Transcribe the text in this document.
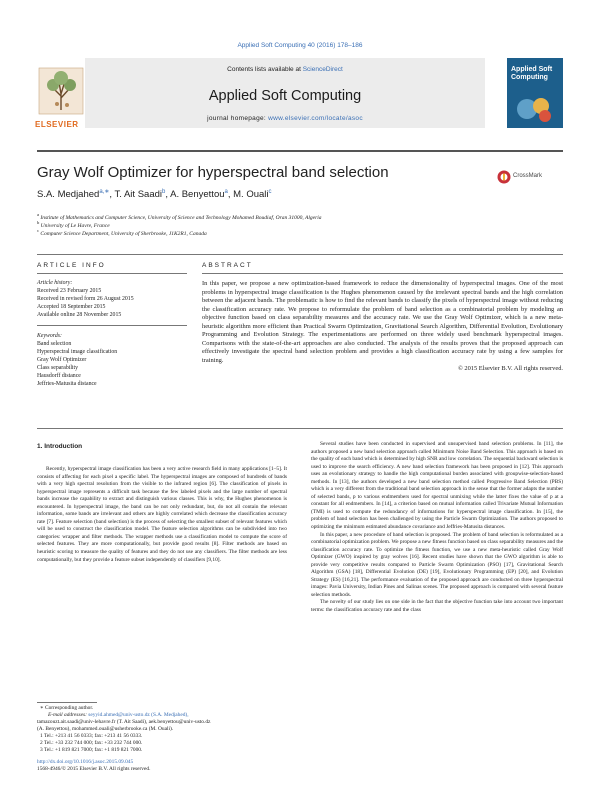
Applied Soft Computing 40 (2016) 178–186
ELSEVIER
Contents lists available at ScienceDirect
Applied Soft Computing
journal homepage: www.elsevier.com/locate/asoc
Applied Soft Computing
Gray Wolf Optimizer for hyperspectral band selection	CrossMark
S.A. Medjahed$^{a,∗}$, T. Ait Saadi$^b$, A. Benyettou$^a$, M. Ouali$^c$
$^a$ Institute of Mathematics and Computer Science, University of Science and Technology Mohamed Boudiaf, Oran 31000, Algeria
$^b$ University of Le Havre, France
$^c$ Computer Science Department, University of Sherbrooke, J1K2R1, Canada
ARTICLE INFO	ABSTRACT
Article history:
Received 23 February 2015
Received in revised form 26 August 2015
Accepted 18 September 2015
Available online 28 November 2015
Keywords:
Band selection
Hyperspectral image classification
Gray Wolf Optimizer
Class separability
Hausdorff distance
Jeffries-Matusita distance
In this paper, we propose a new optimization-based framework to reduce the dimensionality of hyperspectral images. One of the most problems in hyperspectral image classification is the Hughes phenomenon caused by the irrelevant spectral bands and the high correlation between the adjacent bands. The problematic is how to find the relevant bands to classify the pixels of hyperspectral image without reducing the classification accuracy rate. We propose to reformulate the problem of band selection as a combinatorial problem by modeling an objective function based on class separability measures and the accuracy rate. We use the Gray Wolf Optimizer, which is a new meta-heuristic algorithm more efficient than Practical Swarm Optimization, Gravitational Search Algorithm, Differential Evolution, Evolutionary Programming and Evolution Strategy. The experimentations are performed on three widely used benchmark hyperspectral images. Comparisons with the state-of-the-art approaches are also conducted. The analysis of the results proves that the proposed approach can effectively investigate the spectral band selection problem and provides a high classification accuracy rate by using a few samples for training.
© 2015 Elsevier B.V. All rights reserved.
1. Introduction
Recently, hyperspectral image classification has been a very active research field in many applications [1–5]. It consists of affecting for each pixel a specific label. The hyperspectral images are composed of hundreds of bands with a very high spectral resolution from the visible to the infrared region [6]. The classification of pixels in hyperspectral image represents a difficult task because the few labeled pixels and the large number of spectral bands increase the capability to extract and distinguish various classes. This is why, the Hughes phenomenon is encountered. In hyperspectral image, the band can be not only redundant, but, do not all contain the relevant information, some bands are irrelevant and others are highly correlated which decrease the classification accuracy rate [7]. Feature selection (band selection) is the process of selecting the smallest subset of relevant features which will be used to construct the classification model. The feature selection algorithms can be subdivided into two categories: wrapper and filter methods. The wrapper methods use a classification model to compute the score of selected features. They are more computationally, but provide good results [8]. Filter methods are based on heuristic scoring to measure the quality of features and they do not use any classifiers. The filter methods are less computationally, but they provide a feature subset independently of classifiers [9,10].

Several studies have been conducted in supervised and unsupervised band selection problems. In [11], the authors proposed a new band selection approach called Minimum Noise Band Selection. This approach is based on the quality of each band which is determined by high SNR and low correlation. The sequential backward selection is used to improve the search efficiency. A new band selection framework has been proposed in [12]. This approach uses an evolutionary strategy to handle the high computational burden associated with groupwise-selection-based methods. In [13], the authors developed a new band selection method called Progressive Band Selection (PBS) which is a very different from the traditional band selection approach in the sense that the former adapts the number of selected bands, p to various endmembers used for spectral unmixing while the latter fixes the value of p at a constant for all endmembers. In [14], a criterion based on mutual information called Trivariate Mutual Information (TMI) is used to compute the redundancy of informations for hyperspectral image classification. In [15], the problem of band selection has been challenged by using the Particle Swarm Optimization. The authors proposed to optimizing the minimum estimated abundance covariance and Jeffries-Matusita distances.

In this paper, a new procedure of band selection is proposed. The problem of band selection is reformulated as a combinatorial optimization problem. We propose a new fitness function based on class separability measures and the classification accuracy rate. To optimize the fitness function, we use a new meta-heuristic called Gray Wolf Optimizer (GWO) inspired by gray wolves [16]. Recent studies have shown that the GWO algorithm is able to provide very competitive results compared to Particle Swarm Optimization (PSO) [17], Gravitational Search Algorithm (GSA) [18], Differential Evolution (DE) [19], Evolutionary Programming (EP) [20], and Evolution Strategy (ES) [16,21]. The performance evaluation of the proposed approach are conducted on three hyperspectral images: Pavia University, Indian Pines and Salinas scenes. The proposed approach is compared with several feature selection methods.

The novelty of our study lies on one side in the fact that the objective function take into account two important terms: the classification accuracy rate and the class

∗ Corresponding author.
E-mail addresses: seyyid.ahmed@univ-usto.dz (S.A. Medjahed),
tamazouzt.ait.saadi@univ-lehavre.fr (T. Ait Saadi), aek.benyettou@univ-usto.dz
(A. Benyettou), mohammed.ouali@usherbrooke.ca (M. Ouali).
1 Tel.: +213 41 56 0333; fax: +213 41 56 0333.
2 Tel.: +33 232 744 000; fax: +33 232 744 000.
3 Tel.: +1 819 821 7000; fax: +1 819 821 7000.
http://dx.doi.org/10.1016/j.asoc.2015.09.045
1568-4946/© 2015 Elsevier B.V. All rights reserved.
